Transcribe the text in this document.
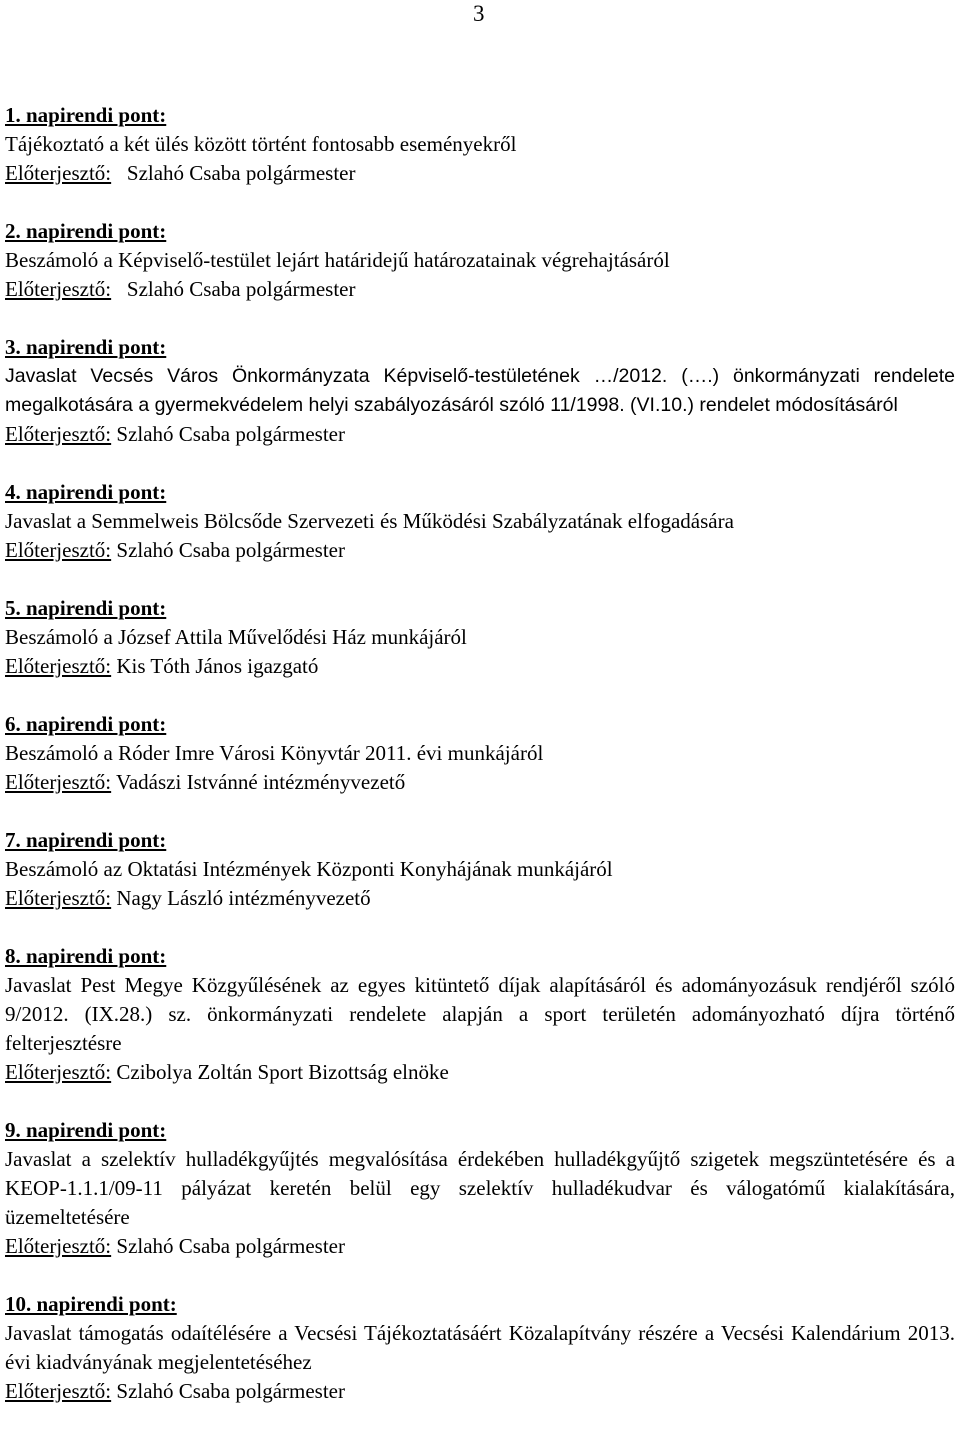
3

1. napirendi pont:

Tájékoztató a két ülés között történt fontosabb eseményekről

Előterjesztő: Szlahó Csaba polgármester

2. napirendi pont:

Beszámoló a Képviselő-testület lejárt határidejű határozatainak végrehajtásáról

Előterjesztő: Szlahó Csaba polgármester

3. napirendi pont:

Javaslat Vecsés Város Önkormányzata Képviselő-testületének …/2012. (….) önkormányzati rendelete megalkotására a gyermekvédelem helyi szabályozásáról szóló 11/1998. (VI.10.) rendelet módosításáról

Előterjesztő: Szlahó Csaba polgármester

4. napirendi pont:

Javaslat a Semmelweis Bölcsőde Szervezeti és Működési Szabályzatának elfogadására

Előterjesztő: Szlahó Csaba polgármester

5. napirendi pont:

Beszámoló a József Attila Művelődési Ház munkájáról

Előterjesztő: Kis Tóth János igazgató

6. napirendi pont:

Beszámoló a Róder Imre Városi Könyvtár 2011. évi munkájáról

Előterjesztő: Vadászi Istvánné intézményvezető

7. napirendi pont:

Beszámoló az Oktatási Intézmények Központi Konyhájának munkájáról

Előterjesztő: Nagy László intézményvezető

8. napirendi pont:

Javaslat Pest Megye Közgyűlésének az egyes kitüntető díjak alapításáról és adományozásuk rendjéről szóló 9/2012. (IX.28.) sz. önkormányzati rendelete alapján a sport területén adományozható díjra történő felterjesztésre

Előterjesztő: Czibolya Zoltán Sport Bizottság elnöke

9. napirendi pont:

Javaslat a szelektív hulladékgyűjtés megvalósítása érdekében hulladékgyűjtő szigetek megszüntetésére és a KEOP-1.1.1/09-11 pályázat keretén belül egy szelektív hulladékudvar és válogatómű kialakítására, üzemeltetésére

Előterjesztő: Szlahó Csaba polgármester

10. napirendi pont:

Javaslat támogatás odaítélésére a Vecsési Tájékoztatásáért Közalapítvány részére a Vecsési Kalendárium 2013. évi kiadványának megjelentetéséhez

Előterjesztő: Szlahó Csaba polgármester
